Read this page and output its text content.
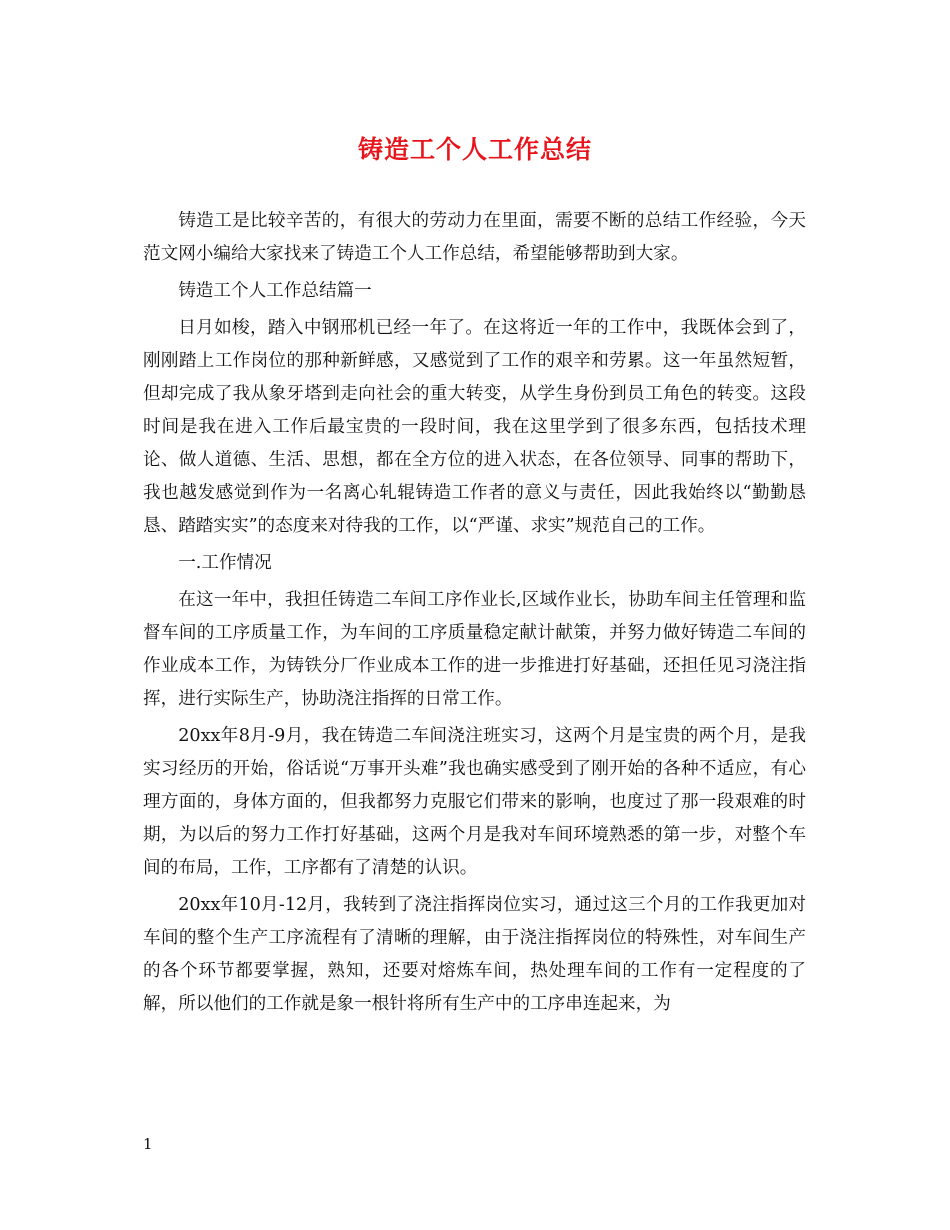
铸造工个人工作总结

铸造工是比较辛苦的，有很大的劳动力在里面，需要不断的总结工作经验，今天范文网小编给大家找来了铸造工个人工作总结，希望能够帮助到大家。

铸造工个人工作总结篇一

日月如梭，踏入中钢邢机已经一年了。在这将近一年的工作中，我既体会到了，刚刚踏上工作岗位的那种新鲜感，又感觉到了工作的艰辛和劳累。这一年虽然短暂，但却完成了我从象牙塔到走向社会的重大转变，从学生身份到员工角色的转变。这段时间是我在进入工作后最宝贵的一段时间，我在这里学到了很多东西，包括技术理论、做人道德、生活、思想，都在全方位的进入状态，在各位领导、同事的帮助下，我也越发感觉到作为一名离心轧辊铸造工作者的意义与责任，因此我始终以“勤勤恳恳、踏踏实实”的态度来对待我的工作，以“严谨、求实”规范自己的工作。

一.工作情况

在这一年中，我担任铸造二车间工序作业长,区域作业长，协助车间主任管理和监督车间的工序质量工作，为车间的工序质量稳定献计献策，并努力做好铸造二车间的作业成本工作，为铸铁分厂作业成本工作的进一步推进打好基础，还担任见习浇注指挥，进行实际生产，协助浇注指挥的日常工作。

20xx年8月-9月，我在铸造二车间浇注班实习，这两个月是宝贵的两个月，是我实习经历的开始，俗话说“万事开头难”我也确实感受到了刚开始的各种不适应，有心理方面的，身体方面的，但我都努力克服它们带来的影响，也度过了那一段艰难的时期，为以后的努力工作打好基础，这两个月是我对车间环境熟悉的第一步，对整个车间的布局，工作，工序都有了清楚的认识。

20xx年10月-12月，我转到了浇注指挥岗位实习，通过这三个月的工作我更加对车间的整个生产工序流程有了清晰的理解，由于浇注指挥岗位的特殊性，对车间生产的各个环节都要掌握，熟知，还要对熔炼车间，热处理车间的工作有一定程度的了解，所以他们的工作就是象一根针将所有生产中的工序串连起来，为

1
